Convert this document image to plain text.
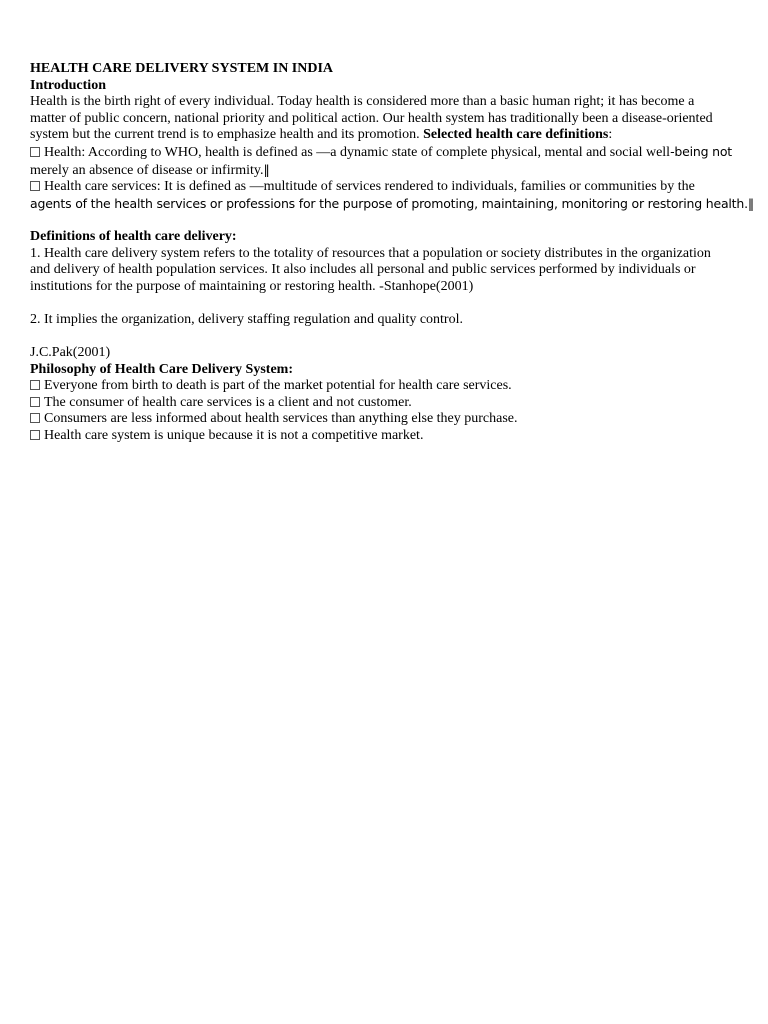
HEALTH CARE DELIVERY SYSTEM IN INDIA
Introduction
Health is the birth right of every individual. Today health is considered more than a basic human right; it has become a
matter of public concern, national priority and political action. Our health system has traditionally been a disease-oriented
system but the current trend is to emphasize health and its promotion. Selected health care definitions:
Health: According to WHO, health is defined as ―a dynamic state of complete physical, mental and social well-being not
merely an absence of disease or infirmity.‖
Health care services: It is defined as ―multitude of services rendered to individuals, families or communities by the
agents of the health services or professions for the purpose of promoting, maintaining, monitoring or restoring health.‖
Definitions of health care delivery:
1. Health care delivery system refers to the totality of resources that a population or society distributes in the organization
and delivery of health population services. It also includes all personal and public services performed by individuals or
institutions for the purpose of maintaining or restoring health. -Stanhope(2001)
2. It implies the organization, delivery staffing regulation and quality control.
J.C.Pak(2001)
Philosophy of Health Care Delivery System:
Everyone from birth to death is part of the market potential for health care services.
The consumer of health care services is a client and not customer.
Consumers are less informed about health services than anything else they purchase.
Health care system is unique because it is not a competitive market.
